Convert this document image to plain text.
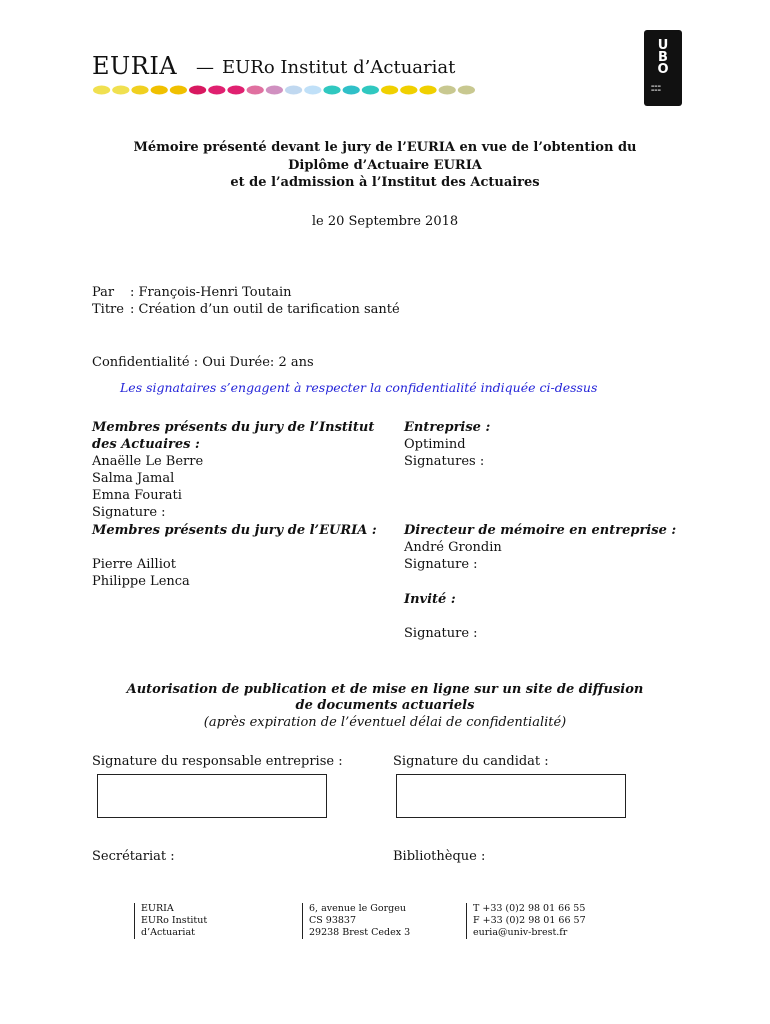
EURIA — EURo Institut d’Actuariat
U
B
O
▬▬▬
▬▬▬
Mémoire présenté devant le jury de l’EURIA en vue de l’obtention du
Diplôme d’Actuaire EURIA
et de l’admission à l’Institut des Actuaires
le 20 Septembre 2018
Par : François-Henri Toutain
Titre : Création d’un outil de tarification santé
Confidentialité : Oui Durée: 2 ans
Les signataires s’engagent à respecter la confidentialité indiquée ci-dessus
Membres présents du jury de l’Institut
des Actuaires :
Anaëlle Le Berre
Salma Jamal
Emna Fourati
Signature :
Entreprise :
Optimind
Signatures :
Membres présents du jury de l’EURIA :
Pierre Ailliot
Philippe Lenca
Directeur de mémoire en entreprise :
André Grondin
Signature :
Invité :
Signature :
Autorisation de publication et de mise en ligne sur un site de diffusion
de documents actuariels
(après expiration de l’éventuel délai de confidentialité)
Signature du responsable entreprise :	Signature du candidat :
Secrétariat :	Bibliothèque :
EURIA
EURo Institut
d’Actuariat
6, avenue le Gorgeu
CS 93837
29238 Brest Cedex 3
T +33 (0)2 98 01 66 55
F +33 (0)2 98 01 66 57
euria@univ-brest.fr
